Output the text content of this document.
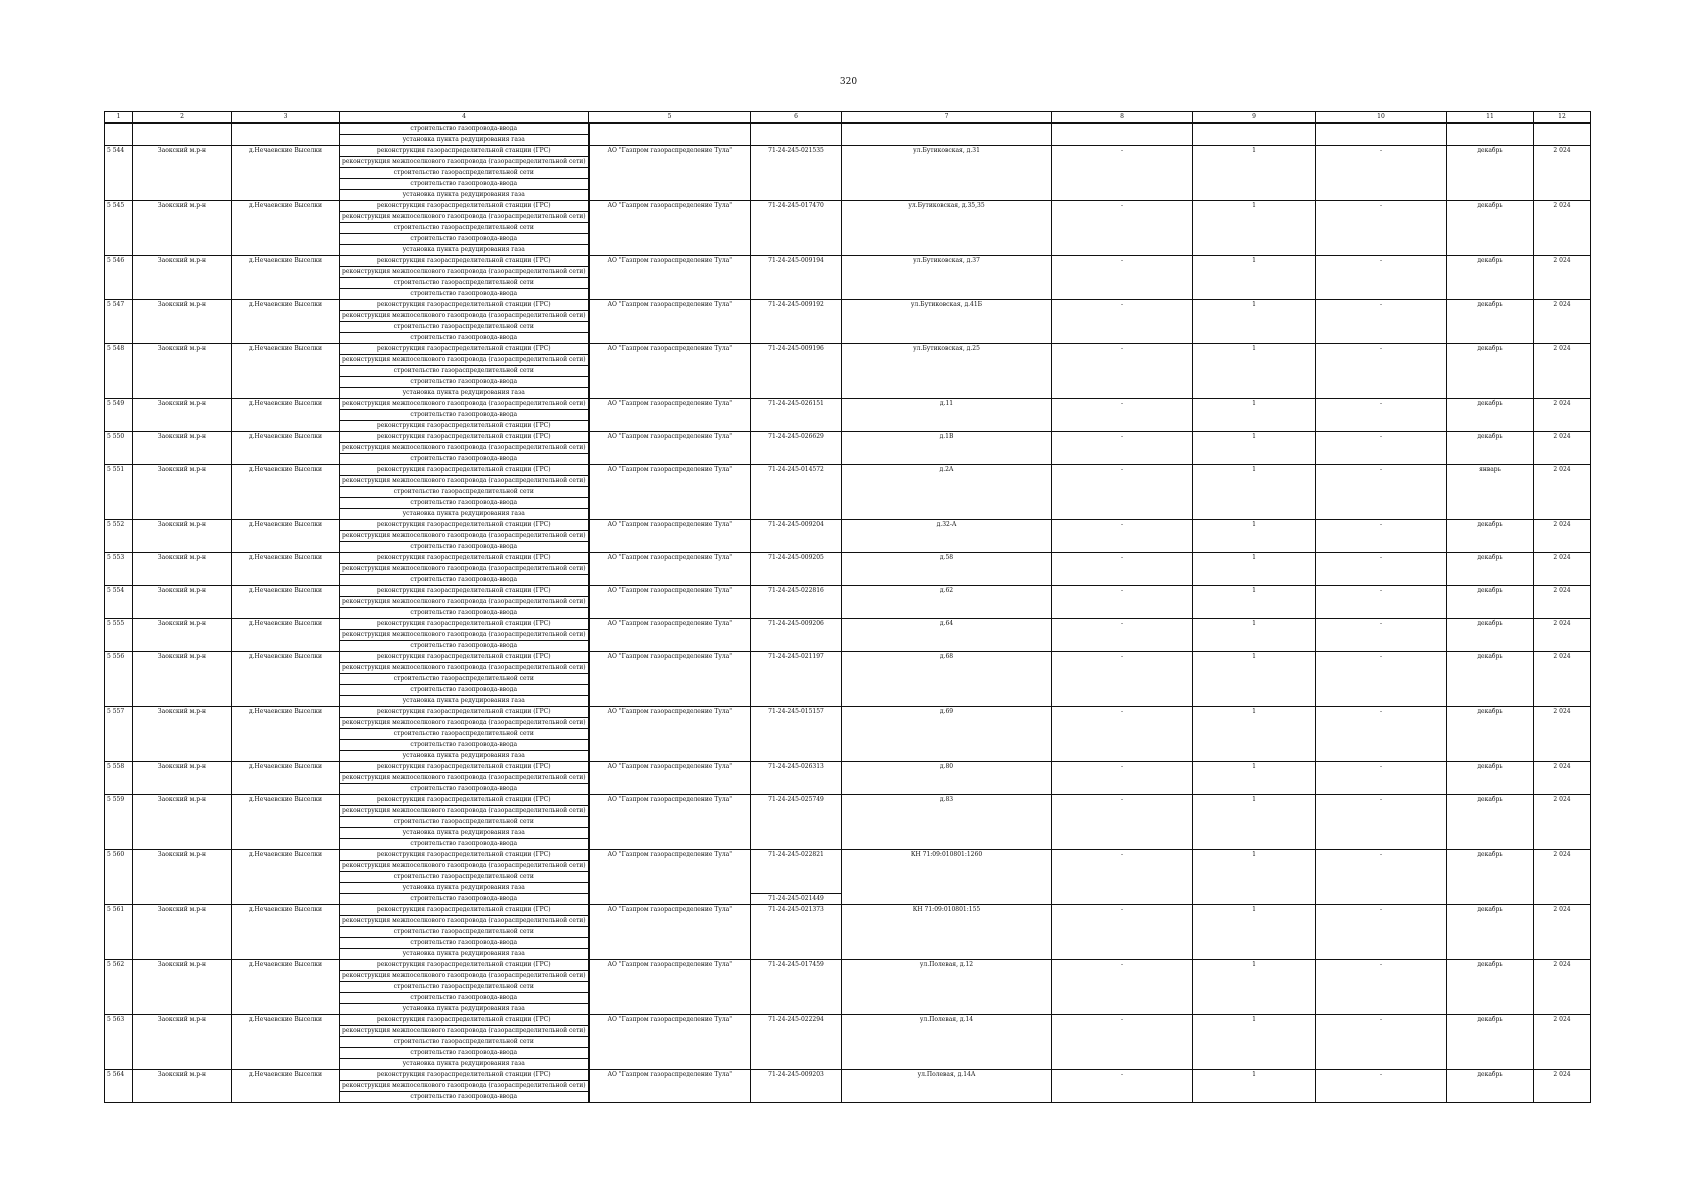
320
1	2	3	4	5	6	7	8	9	10	11	12
			строительство газопровода-ввода								
			установка пункта редуцирования газа								
5 544	Заокский м.р-н	д.Нечаевские Выселки	реконструкция газораспределительной станции (ГРС)	АО "Газпром газораспределение Тула"	71-24-245-021535	ул.Бутиковская, д.31	-	1	-	декабрь	2 024
			реконструкция межпоселкового газопровода (газораспределительной сети)								
			строительство газораспределительной сети								
			строительство газопровода-ввода								
			установка пункта редуцирования газа								
5 545	Заокский м.р-н	д.Нечаевские Выселки	реконструкция газораспределительной станции (ГРС)	АО "Газпром газораспределение Тула"	71-24-245-017470	ул.Бутиковская, д.35,35	-	1	-	декабрь	2 024
			реконструкция межпоселкового газопровода (газораспределительной сети)								
			строительство газораспределительной сети								
			строительство газопровода-ввода								
			установка пункта редуцирования газа								
5 546	Заокский м.р-н	д.Нечаевские Выселки	реконструкция газораспределительной станции (ГРС)	АО "Газпром газораспределение Тула"	71-24-245-009194	ул.Бутиковская, д.37	-	1	-	декабрь	2 024
			реконструкция межпоселкового газопровода (газораспределительной сети)								
			строительство газораспределительной сети								
			строительство газопровода-ввода								
5 547	Заокский м.р-н	д.Нечаевские Выселки	реконструкция газораспределительной станции (ГРС)	АО "Газпром газораспределение Тула"	71-24-245-009192	ул.Бутиковская, д.41Б	-	1	-	декабрь	2 024
			реконструкция межпоселкового газопровода (газораспределительной сети)								
			строительство газораспределительной сети								
			строительство газопровода-ввода								
5 548	Заокский м.р-н	д.Нечаевские Выселки	реконструкция газораспределительной станции (ГРС)	АО "Газпром газораспределение Тула"	71-24-245-009196	ул.Бутиковская, д.25	-	1	-	декабрь	2 024
			реконструкция межпоселкового газопровода (газораспределительной сети)								
			строительство газораспределительной сети								
			строительство газопровода-ввода								
			установка пункта редуцирования газа								
5 549	Заокский м.р-н	д.Нечаевские Выселки	реконструкция межпоселкового газопровода (газораспределительной сети)	АО "Газпром газораспределение Тула"	71-24-245-026151	д.11	-	1	-	декабрь	2 024
			строительство газопровода-ввода								
			реконструкция газораспределительной станции (ГРС)								
5 550	Заокский м.р-н	д.Нечаевские Выселки	реконструкция газораспределительной станции (ГРС)	АО "Газпром газораспределение Тула"	71-24-245-026629	д.1В	-	1	-	декабрь	2 024
			реконструкция межпоселкового газопровода (газораспределительной сети)								
			строительство газопровода-ввода								
5 551	Заокский м.р-н	д.Нечаевские Выселки	реконструкция газораспределительной станции (ГРС)	АО "Газпром газораспределение Тула"	71-24-245-014572	д.2А	-	1	-	январь	2 024
			реконструкция межпоселкового газопровода (газораспределительной сети)								
			строительство газораспределительной сети								
			строительство газопровода-ввода								
			установка пункта редуцирования газа								
5 552	Заокский м.р-н	д.Нечаевские Выселки	реконструкция газораспределительной станции (ГРС)	АО "Газпром газораспределение Тула"	71-24-245-009204	д.32-А	-	1	-	декабрь	2 024
			реконструкция межпоселкового газопровода (газораспределительной сети)								
			строительство газопровода-ввода								
5 553	Заокский м.р-н	д.Нечаевские Выселки	реконструкция газораспределительной станции (ГРС)	АО "Газпром газораспределение Тула"	71-24-245-009205	д.58	-	1	-	декабрь	2 024
			реконструкция межпоселкового газопровода (газораспределительной сети)								
			строительство газопровода-ввода								
5 554	Заокский м.р-н	д.Нечаевские Выселки	реконструкция газораспределительной станции (ГРС)	АО "Газпром газораспределение Тула"	71-24-245-022816	д.62	-	1	-	декабрь	2 024
			реконструкция межпоселкового газопровода (газораспределительной сети)								
			строительство газопровода-ввода								
5 555	Заокский м.р-н	д.Нечаевские Выселки	реконструкция газораспределительной станции (ГРС)	АО "Газпром газораспределение Тула"	71-24-245-009206	д.64	-	1	-	декабрь	2 024
			реконструкция межпоселкового газопровода (газораспределительной сети)								
			строительство газопровода-ввода								
5 556	Заокский м.р-н	д.Нечаевские Выселки	реконструкция газораспределительной станции (ГРС)	АО "Газпром газораспределение Тула"	71-24-245-021197	д.68	-	1	-	декабрь	2 024
			реконструкция межпоселкового газопровода (газораспределительной сети)								
			строительство газораспределительной сети								
			строительство газопровода-ввода								
			установка пункта редуцирования газа								
5 557	Заокский м.р-н	д.Нечаевские Выселки	реконструкция газораспределительной станции (ГРС)	АО "Газпром газораспределение Тула"	71-24-245-015157	д.69	-	1	-	декабрь	2 024
			реконструкция межпоселкового газопровода (газораспределительной сети)								
			строительство газораспределительной сети								
			строительство газопровода-ввода								
			установка пункта редуцирования газа								
5 558	Заокский м.р-н	д.Нечаевские Выселки	реконструкция газораспределительной станции (ГРС)	АО "Газпром газораспределение Тула"	71-24-245-026313	д.80	-	1	-	декабрь	2 024
			реконструкция межпоселкового газопровода (газораспределительной сети)								
			строительство газопровода-ввода								
5 559	Заокский м.р-н	д.Нечаевские Выселки	реконструкция газораспределительной станции (ГРС)	АО "Газпром газораспределение Тула"	71-24-245-025749	д.83	-	1	-	декабрь	2 024
			реконструкция межпоселкового газопровода (газораспределительной сети)								
			строительство газораспределительной сети								
			установка пункта редуцирования газа								
			строительство газопровода-ввода								
5 560	Заокский м.р-н	д.Нечаевские Выселки	реконструкция газораспределительной станции (ГРС)	АО "Газпром газораспределение Тула"	71-24-245-022821	КН 71:09:010801:1260	-	1	-	декабрь	2 024
			реконструкция межпоселкового газопровода (газораспределительной сети)								
			строительство газораспределительной сети								
			установка пункта редуцирования газа								
			строительство газопровода-ввода		71-24-245-021449						
5 561	Заокский м.р-н	д.Нечаевские Выселки	реконструкция газораспределительной станции (ГРС)	АО "Газпром газораспределение Тула"	71-24-245-021373	КН 71:09:010801:155	-	1	-	декабрь	2 024
			реконструкция межпоселкового газопровода (газораспределительной сети)								
			строительство газораспределительной сети								
			строительство газопровода-ввода								
			установка пункта редуцирования газа								
5 562	Заокский м.р-н	д.Нечаевские Выселки	реконструкция газораспределительной станции (ГРС)	АО "Газпром газораспределение Тула"	71-24-245-017459	ул.Полевая, д.12	-	1	-	декабрь	2 024
			реконструкция межпоселкового газопровода (газораспределительной сети)								
			строительство газораспределительной сети								
			строительство газопровода-ввода								
			установка пункта редуцирования газа								
5 563	Заокский м.р-н	д.Нечаевские Выселки	реконструкция газораспределительной станции (ГРС)	АО "Газпром газораспределение Тула"	71-24-245-022294	ул.Полевая, д.14	-	1	-	декабрь	2 024
			реконструкция межпоселкового газопровода (газораспределительной сети)								
			строительство газораспределительной сети								
			строительство газопровода-ввода								
			установка пункта редуцирования газа								
5 564	Заокский м.р-н	д.Нечаевские Выселки	реконструкция газораспределительной станции (ГРС)	АО "Газпром газораспределение Тула"	71-24-245-009203	ул.Полевая, д.14А	-	1	-	декабрь	2 024
			реконструкция межпоселкового газопровода (газораспределительной сети)								
			строительство газопровода-ввода								
